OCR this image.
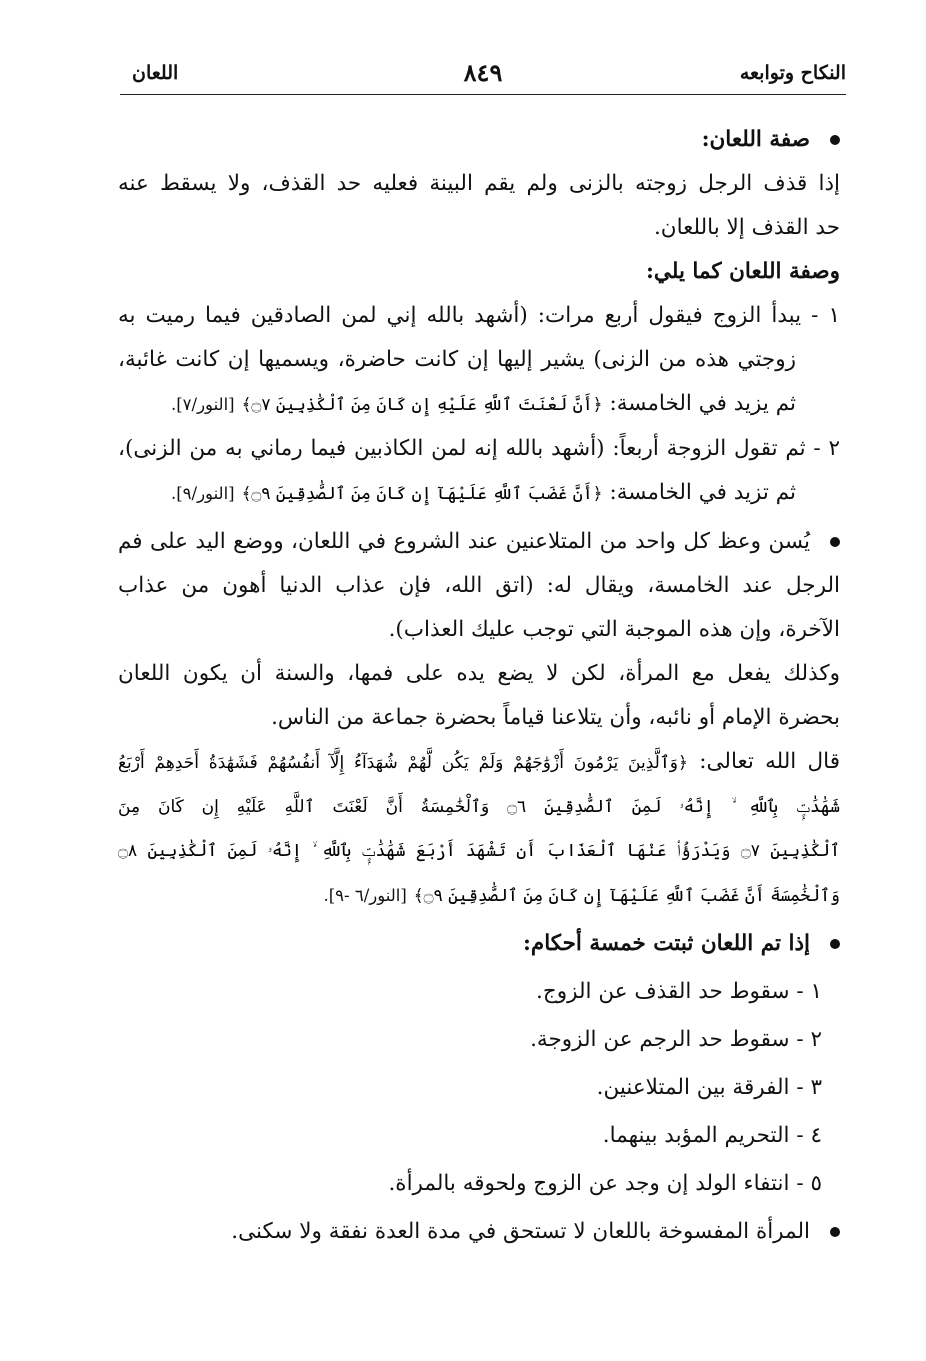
النكاح وتوابعه
٨٤٩
اللعان
صفة اللعان:
إذا قذف الرجل زوجته بالزنى ولم يقم البينة فعليه حد القذف، ولا يسقط عنه
حد القذف إلا باللعان.
وصفة اللعان كما يلي:
١ - يبدأ الزوج فيقول أربع مرات: (أشهد بالله إني لمن الصادقين فيما رميت به
زوجتي هذه من الزنى) يشير إليها إن كانت حاضرة، ويسميها إن كانت غائبة،
ثم يزيد في الخامسة: ﴿أَنَّ لَعْنَتَ ٱللَّهِ عَلَيْهِ إِن كَانَ مِنَ ٱلْكَٰذِبِينَ ۝٧﴾ [النور/٧].
٢ - ثم تقول الزوجة أربعاً: (أشهد بالله إنه لمن الكاذبين فيما رماني به من الزنى)،
ثم تزيد في الخامسة: ﴿أَنَّ غَضَبَ ٱللَّهِ عَلَيْهَآ إِن كَانَ مِنَ ٱلصَّٰدِقِينَ ۝٩﴾ [النور/٩].
يُسن وعظ كل واحد من المتلاعنين عند الشروع في اللعان، ووضع اليد على فم
الرجل عند الخامسة، ويقال له: (اتق الله، فإن عذاب الدنيا أهون من عذاب
الآخرة، وإن هذه الموجبة التي توجب عليك العذاب).
وكذلك يفعل مع المرأة، لكن لا يضع يده على فمها، والسنة أن يكون اللعان
بحضرة الإمام أو نائبه، وأن يتلاعنا قياماً بحضرة جماعة من الناس.
قال الله تعالى: ﴿وَٱلَّذِينَ يَرْمُونَ أَزْوَٰجَهُمْ وَلَمْ يَكُن لَّهُمْ شُهَدَآءُ إِلَّآ أَنفُسُهُمْ فَشَهَٰدَةُ أَحَدِهِمْ أَرْبَعُ
شَهَٰدَٰتٍۭ بِٱللَّهِ ۙ إِنَّهُۥ لَمِنَ ٱلصَّٰدِقِينَ ۝٦ وَٱلْخَٰمِسَةُ أَنَّ لَعْنَتَ ٱللَّهِ عَلَيْهِ إِن كَانَ مِنَ
ٱلْكَٰذِبِينَ ۝٧ وَيَدْرَؤُا۟ عَنْهَا ٱلْعَذَابَ أَن تَشْهَدَ أَرْبَعَ شَهَٰدَٰتٍۭ بِٱللَّهِ ۙ إِنَّهُۥ لَمِنَ ٱلْكَٰذِبِينَ ۝٨
وَٱلْخَٰمِسَةَ أَنَّ غَضَبَ ٱللَّهِ عَلَيْهَآ إِن كَانَ مِنَ ٱلصَّٰدِقِينَ ۝٩﴾ [النور/٦ -٩].
إذا تم اللعان ثبتت خمسة أحكام:
١ - سقوط حد القذف عن الزوج.
٢ - سقوط حد الرجم عن الزوجة.
٣ - الفرقة بين المتلاعنين.
٤ - التحريم المؤبد بينهما.
٥ - انتفاء الولد إن وجد عن الزوج ولحوقه بالمرأة.
المرأة المفسوخة باللعان لا تستحق في مدة العدة نفقة ولا سكنى.
